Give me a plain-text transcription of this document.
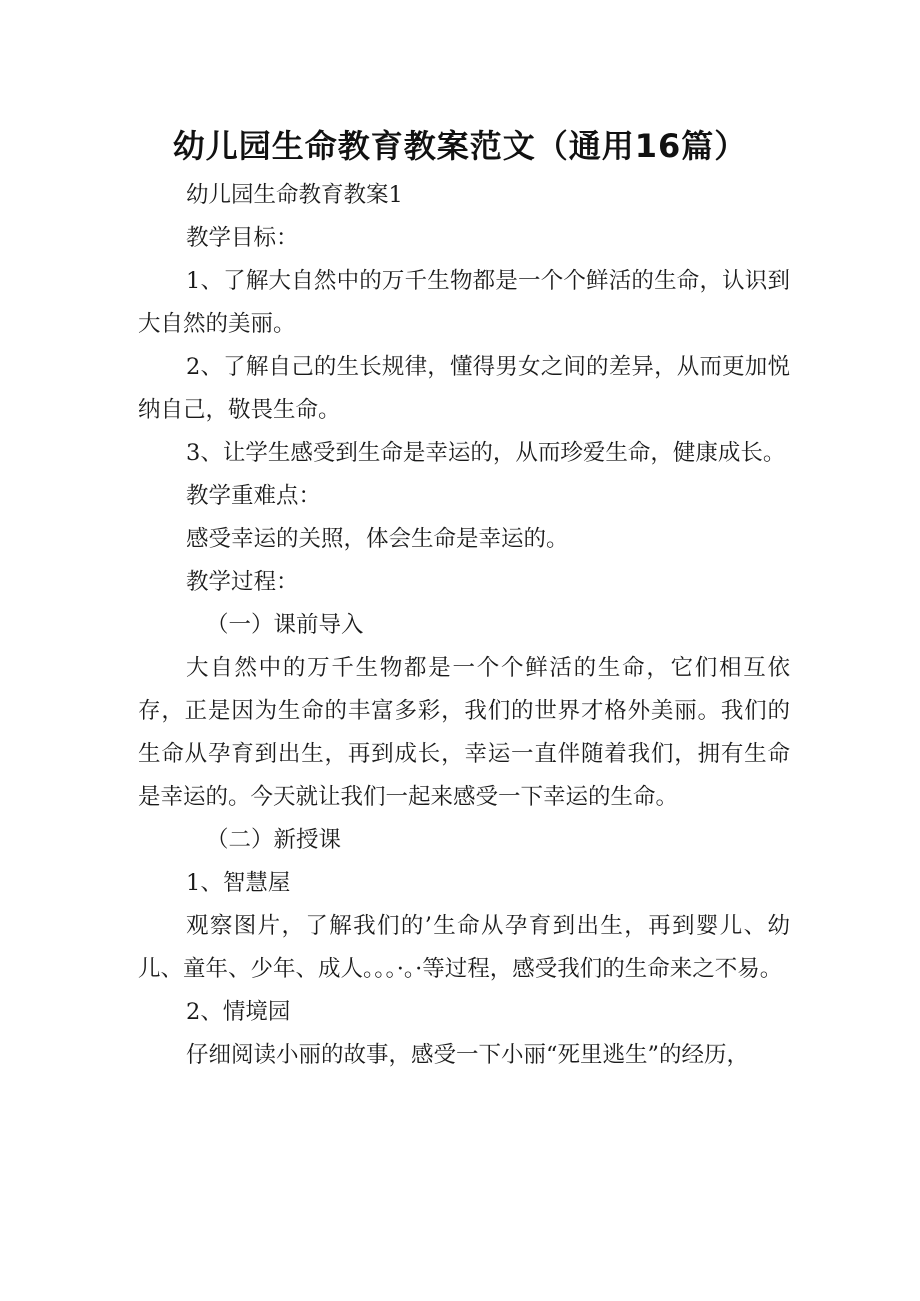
幼儿园生命教育教案范文（通用16篇）

幼儿园生命教育教案1

教学目标：

1、了解大自然中的万千生物都是一个个鲜活的生命，认识到大自然的美丽。

2、了解自己的生长规律，懂得男女之间的差异，从而更加悦纳自己，敬畏生命。

3、让学生感受到生命是幸运的，从而珍爱生命，健康成长。

教学重难点：

感受幸运的关照，体会生命是幸运的。

教学过程：

（一）课前导入

大自然中的万千生物都是一个个鲜活的生命，它们相互依存，正是因为生命的丰富多彩，我们的世界才格外美丽。我们的生命从孕育到出生，再到成长，幸运一直伴随着我们，拥有生命是幸运的。今天就让我们一起来感受一下幸运的生命。

（二）新授课

1、智慧屋

观察图片，了解我们的’生命从孕育到出生，再到婴儿、幼儿、童年、少年、成人。。。·。·等过程，感受我们的生命来之不易。

2、情境园

仔细阅读小丽的故事，感受一下小丽“死里逃生”的经历，
